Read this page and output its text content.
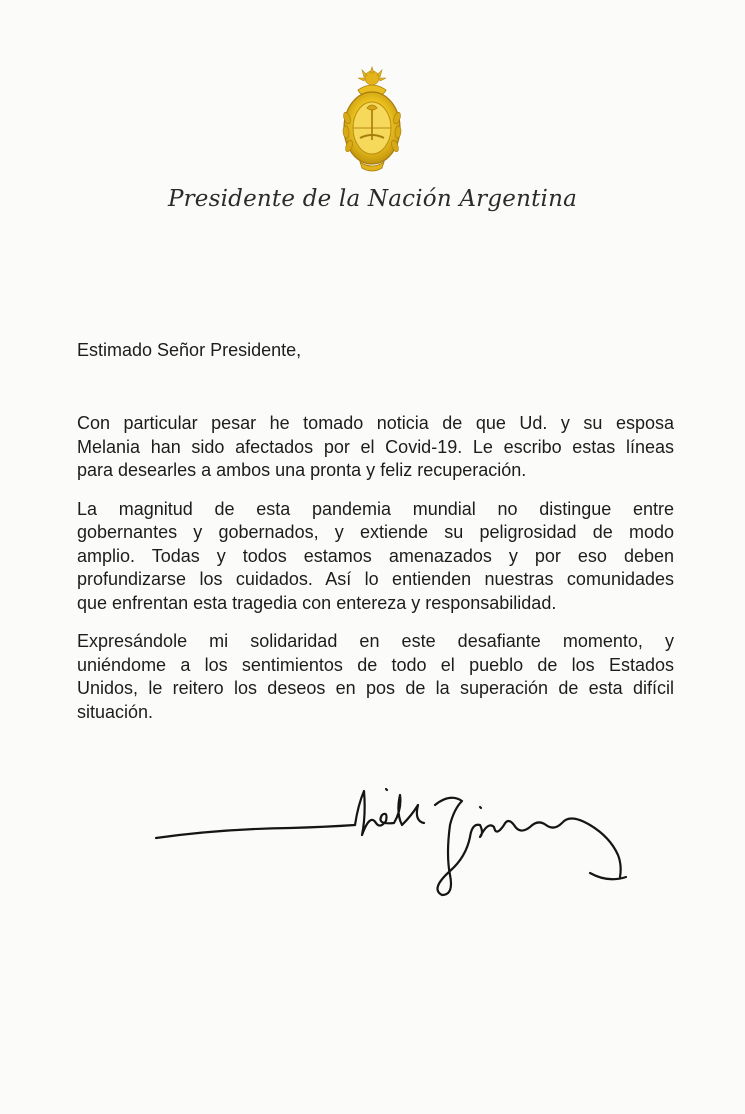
Presidente de la Nación Argentina
Estimado Señor Presidente,

Con particular pesar he tomado noticia de que Ud. y su esposa
Melania han sido afectados por el Covid-19. Le escribo estas líneas
para desearles a ambos una pronta y feliz recuperación.

La magnitud de esta pandemia mundial no distingue entre
gobernantes y gobernados, y extiende su peligrosidad de modo
amplio. Todas y todos estamos amenazados y por eso deben
profundizarse los cuidados. Así lo entienden nuestras comunidades
que enfrentan esta tragedia con entereza y responsabilidad.

Expresándole mi solidaridad en este desafiante momento, y
uniéndome a los sentimientos de todo el pueblo de los Estados
Unidos, le reitero los deseos en pos de la superación de esta difícil
situación.
